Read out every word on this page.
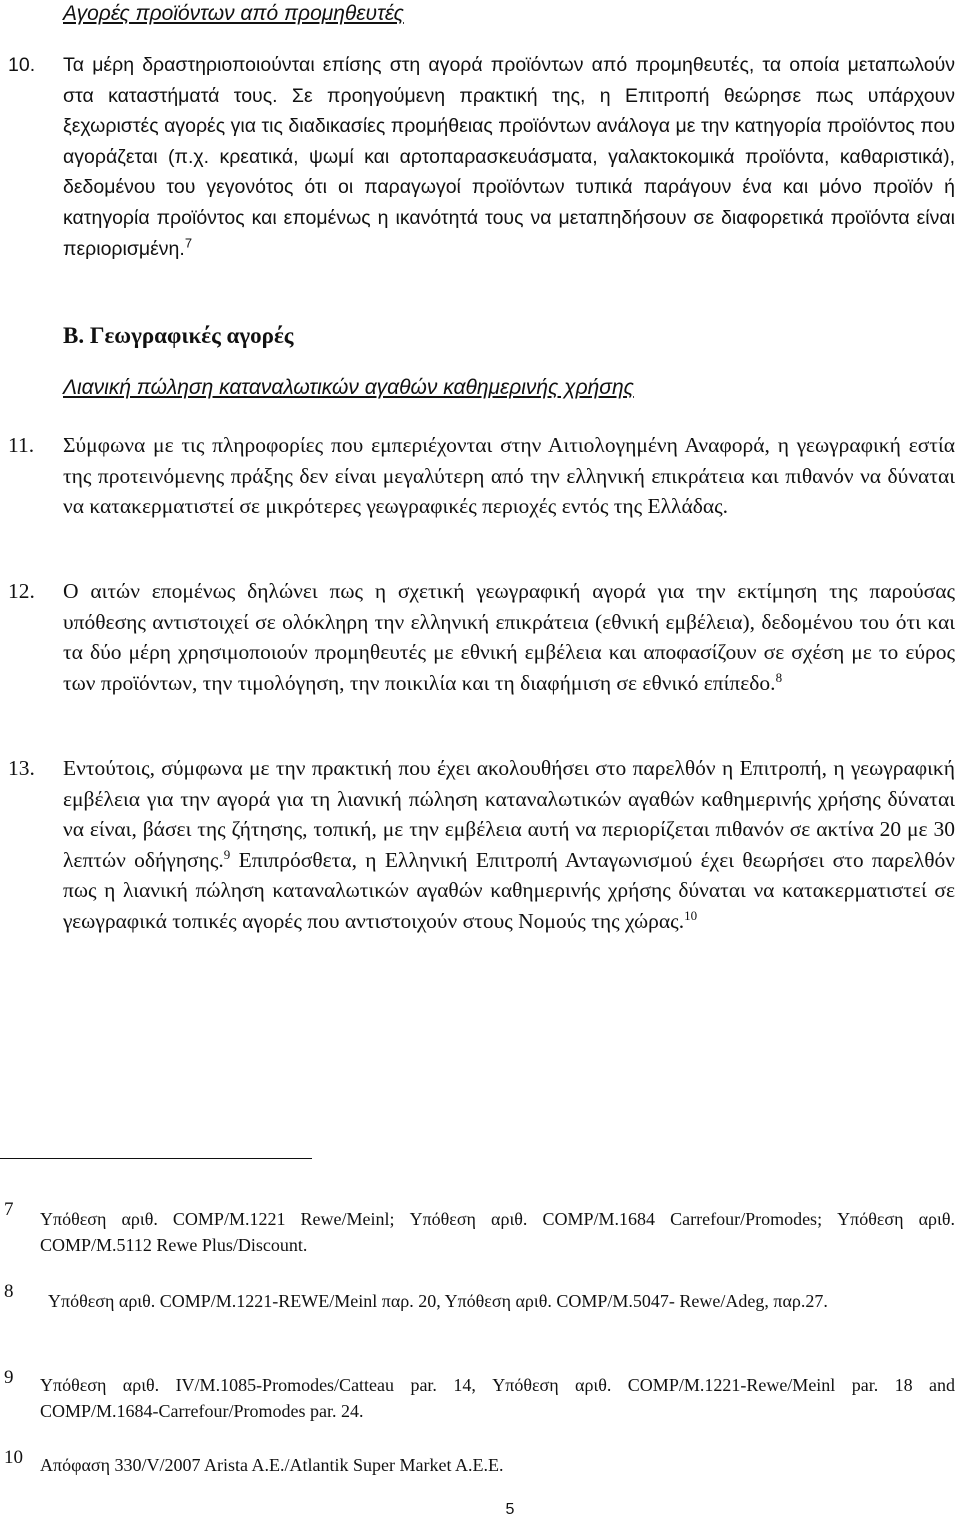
Αγορές προϊόντων από προμηθευτές

10. Τα μέρη δραστηριοποιούνται επίσης στη αγορά προϊόντων από προμηθευτές, τα οποία μεταπωλούν στα καταστήματά τους. Σε προηγούμενη πρακτική της, η Επιτροπή θεώρησε πως υπάρχουν ξεχωριστές αγορές για τις διαδικασίες προμήθειας προϊόντων ανάλογα με την κατηγορία προϊόντος που αγοράζεται (π.χ. κρεατικά, ψωμί και αρτοπαρασκευάσματα, γαλακτοκομικά προϊόντα, καθαριστικά), δεδομένου του γεγονότος ότι οι παραγωγοί προϊόντων τυπικά παράγουν ένα και μόνο προϊόν ή κατηγορία προϊόντος και επομένως η ικανότητά τους να μεταπηδήσουν σε διαφορετικά προϊόντα είναι περιορισμένη.$^7$

Β. Γεωγραφικές αγορές

Λιανική πώληση καταναλωτικών αγαθών καθημερινής χρήσης

11. Σύμφωνα με τις πληροφορίες που εμπεριέχονται στην Αιτιολογημένη Αναφορά, η γεωγραφική εστία της προτεινόμενης πράξης δεν είναι μεγαλύτερη από την ελληνική επικράτεια και πιθανόν να δύναται να κατακερματιστεί σε μικρότερες γεωγραφικές περιοχές εντός της Ελλάδας.

12. Ο αιτών επομένως δηλώνει πως η σχετική γεωγραφική αγορά για την εκτίμηση της παρούσας υπόθεσης αντιστοιχεί σε ολόκληρη την ελληνική επικράτεια (εθνική εμβέλεια), δεδομένου του ότι και τα δύο μέρη χρησιμοποιούν προμηθευτές με εθνική εμβέλεια και αποφασίζουν σε σχέση με το εύρος των προϊόντων, την τιμολόγηση, την ποικιλία και τη διαφήμιση σε εθνικό επίπεδο.$^8$

13. Εντούτοις, σύμφωνα με την πρακτική που έχει ακολουθήσει στο παρελθόν η Επιτροπή, η γεωγραφική εμβέλεια για την αγορά για τη λιανική πώληση καταναλωτικών αγαθών καθημερινής χρήσης δύναται να είναι, βάσει της ζήτησης, τοπική, με την εμβέλεια αυτή να περιορίζεται πιθανόν σε ακτίνα 20 με 30 λεπτών οδήγησης.$^9$ Επιπρόσθετα, η Ελληνική Επιτροπή Ανταγωνισμού έχει θεωρήσει στο παρελθόν πως η λιανική πώληση καταναλωτικών αγαθών καθημερινής χρήσης δύναται να κατακερματιστεί σε γεωγραφικά τοπικές αγορές που αντιστοιχούν στους Νομούς της χώρας.$^{10}$

7 Υπόθεση αριθ. COMP/M.1221 Rewe/Meinl; Υπόθεση αριθ. COMP/M.1684 Carrefour/Promodes; Υπόθεση αριθ. COMP/M.5112 Rewe Plus/Discount.

8 Υπόθεση αριθ. COMP/M.1221-REWE/Meinl παρ. 20, Υπόθεση αριθ. COMP/M.5047- Rewe/Adeg, παρ.27.

9 Υπόθεση αριθ. IV/M.1085-Promodes/Catteau par. 14, Υπόθεση αριθ. COMP/M.1221-Rewe/Meinl par. 18 and COMP/M.1684-Carrefour/Promodes par. 24.

10 Απόφαση 330/V/2007 Arista A.E./Atlantik Super Market A.E.E.

5
